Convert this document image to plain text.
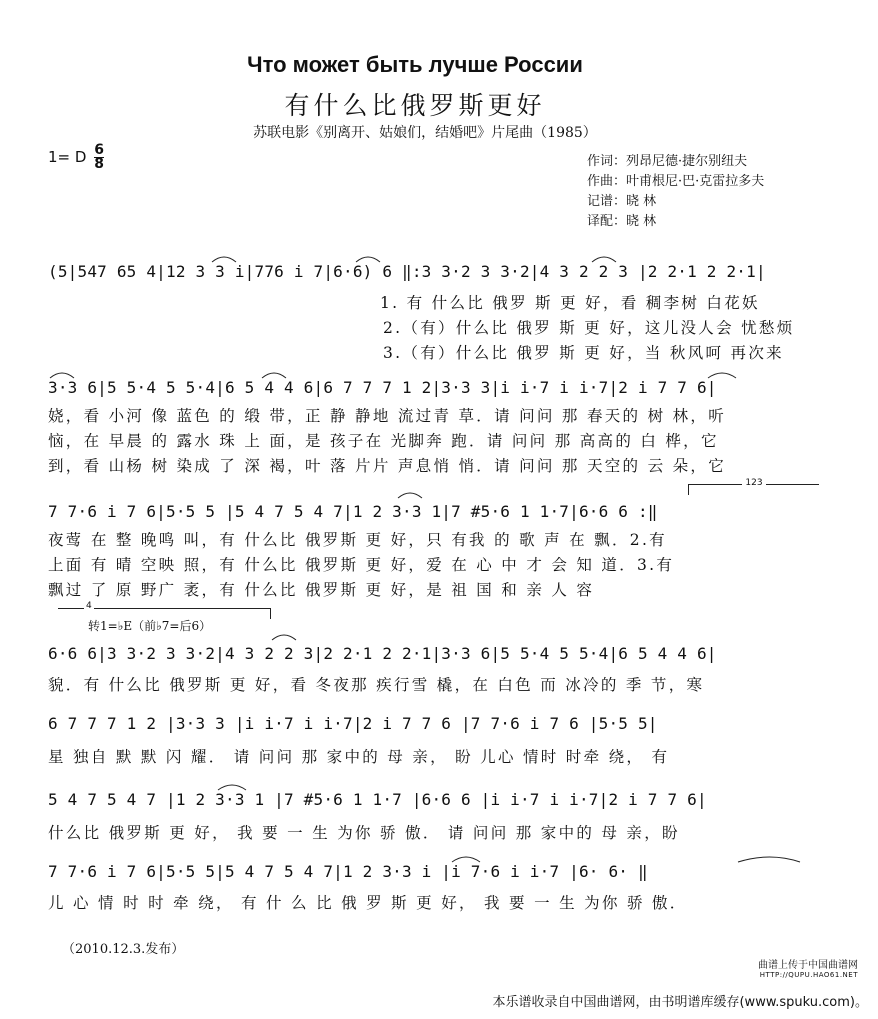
Что может быть лучше России
有什么比俄罗斯更好
苏联电影《别离开、姑娘们，结婚吧》片尾曲（1985）
1= D $\frac{6}{8}$	作词：列昂尼德·捷尔别纽夫
作曲：叶甫根尼·巴·克雷拉多夫
记谱：晓 林
译配：晓 林
(5|547 65 4|12 3 3 i|776 i 7|6·6) 6 ‖:3 3·2 3 3·2|4 3 2 2 3 |2 2·1 2 2·1|
1. 有 什么比 俄罗 斯 更 好，看 稠李树 白花妖
2.（有）什么比 俄罗 斯 更 好，这儿没人会 忧愁烦
3.（有）什么比 俄罗 斯 更 好，当 秋风呵 再次来
3·3 6|5 5·4 5 5·4|6 5 4 4 6|6 7 7 7 1 2|3·3 3|i i·7 i i·7|2 i 7 7 6|
娆，看 小河 像 蓝色 的 缎 带，正 静 静地 流过青 草．请 问问 那 春天的 树 林，听
恼，在 早晨 的 露水 珠 上 面，是 孩子在 光脚奔 跑．请 问问 那 高高的 白 桦，它
到，看 山杨 树 染成 了 深 褐，叶 落 片片 声息悄 悄．请 问问 那 天空的 云 朵，它
123
7 7·6 i 7 6|5·5 5 |5 4 7 5 4 7|1 2 3·3 1|7 #5·6 1 1·7|6·6 6 :‖
夜莺 在 整 晚鸣 叫，有 什么比 俄罗斯 更 好，只 有我 的 歌 声 在 飘．2.有
上面 有 晴 空映 照，有 什么比 俄罗斯 更 好，爱 在 心 中 才 会 知 道．3.有
飘过 了 原 野广 袤，有 什么比 俄罗斯 更 好，是 祖 国 和 亲 人 容
4
转1=♭E（前♭7=后6）
6·6 6|3 3·2 3 3·2|4 3 2 2 3|2 2·1 2 2·1|3·3 6|5 5·4 5 5·4|6 5 4 4 6|
貌．有 什么比 俄罗斯 更 好，看 冬夜那 疾行雪 橇，在 白色 而 冰冷的 季 节，寒
6 7 7 7 1 2 |3·3 3 |i i·7 i i·7|2 i 7 7 6 |7 7·6 i 7 6 |5·5 5|
星 独自 默 默 闪 耀． 请 问问 那 家中的 母 亲， 盼 儿心 情时 时牵 绕， 有
5 4 7 5 4 7 |1 2 3·3 1 |7 #5·6 1 1·7 |6·6 6 |i i·7 i i·7|2 i 7 7 6|
什么比 俄罗斯 更 好， 我 要 一 生 为你 骄 傲． 请 问问 那 家中的 母 亲，盼
7 7·6 i 7 6|5·5 5|5 4 7 5 4 7|1 2 3·3 i |i 7·6 i i·7 |6· 6· ‖
儿 心 情 时 时 牵 绕， 有 什 么 比 俄 罗 斯 更 好， 我 要 一 生 为你 骄 傲．
（2010.12.3.发布）
曲谱上传于中国曲谱网
HTTP://QUPU.HAO61.NET
本乐谱收录自中国曲谱网，由书明谱库缓存(www.spuku.com)。
